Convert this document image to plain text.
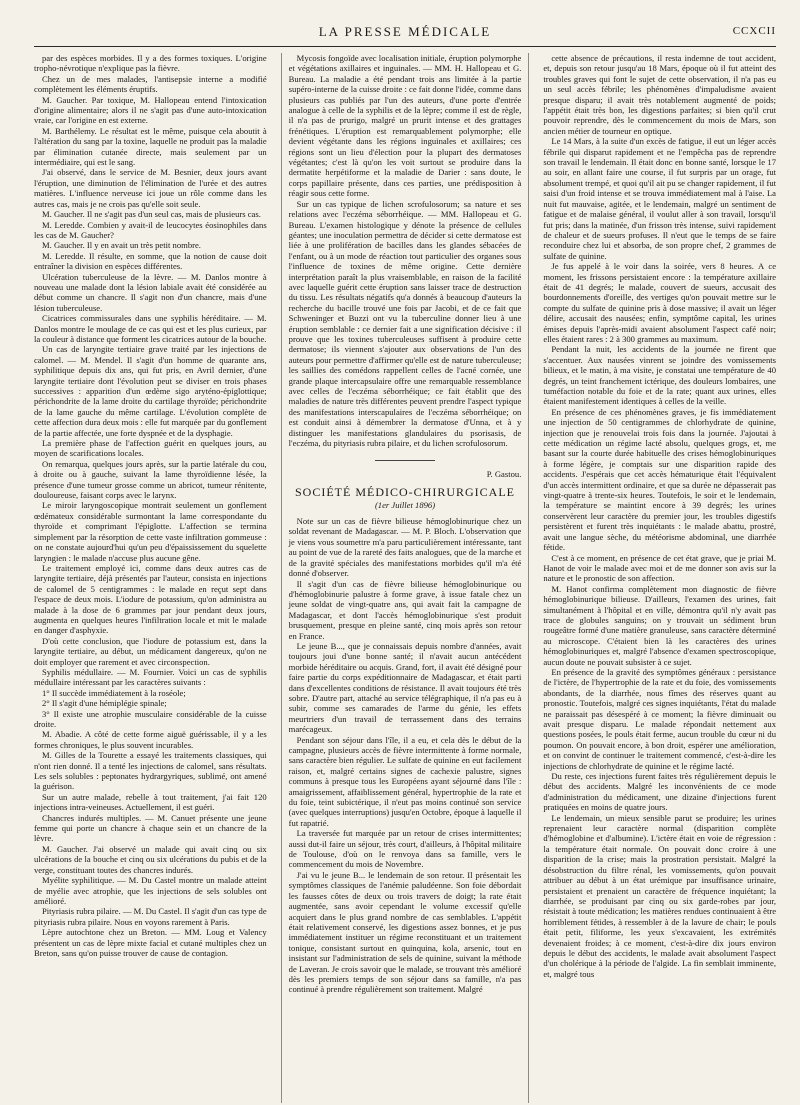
LA PRESSE MÉDICALE	CCXCII

par des espèces morbides. Il y a des formes toxiques. L'origine tropho-névrotique n'explique pas la fièvre.

Chez un de mes malades, l'antisepsie interne a modifié complètement les éléments éruptifs.

M. Gaucher. Par toxique, M. Hallopeau entend l'intoxication d'origine alimentaire; alors il ne s'agit pas d'une auto-intoxication vraie, car l'origine en est externe.

M. Barthélemy. Le résultat est le même, puisque cela aboutit à l'altération du sang par la toxine, laquelle ne produit pas la maladie par élimination cutanée directe, mais seulement par un intermédiaire, qui est le sang.

J'ai observé, dans le service de M. Besnier, deux jours avant l'éruption, une diminution de l'élimination de l'urée et des autres matières. L'influence nerveuse ici joue un rôle comme dans les autres cas, mais je ne crois pas qu'elle soit seule.

M. Gaucher. Il ne s'agit pas d'un seul cas, mais de plusieurs cas.

M. Leredde. Combien y avait-il de leucocytes éosinophiles dans les cas de M. Gaucher?

M. Gaucher. Il y en avait un très petit nombre.

M. Leredde. Il résulte, en somme, que la notion de cause doit entraîner la division en espèces différentes.

Ulcération tuberculeuse de la lèvre. — M. Danlos montre à nouveau une malade dont la lésion labiale avait été considérée au début comme un chancre. Il s'agit non d'un chancre, mais d'une lésion tuberculeuse.

Cicatrices commissurales dans une syphilis héréditaire. — M. Danlos montre le moulage de ce cas qui est et les plus curieux, par la couleur à distance que forment les cicatrices autour de la bouche.

Un cas de laryngite tertiaire grave traité par les injections de calomel. — M. Mendel. Il s'agit d'un homme de quarante ans, syphilitique depuis dix ans, qui fut pris, en Avril dernier, d'une laryngite tertiaire dont l'évolution peut se diviser en trois phases successives : apparition d'un œdème sigo aryténo-épiglottique; périchondrite de la lame droite du cartilage thyroïde; périchondrite de la lame gauche du même cartilage. L'évolution complète de cette affection dura deux mois : elle fut marquée par du gonflement de la partie affectée, une forte dyspnée et de la dysphagie.

La première phase de l'affection guérit en quelques jours, au moyen de scarifications locales.

On remarqua, quelques jours après, sur la partie latérale du cou, à droite ou à gauche, suivant la lame thyroïdienne lésée, la présence d'une tumeur grosse comme un abricot, tumeur rénitente, douloureuse, faisant corps avec le larynx.

Le miroir laryngoscopique montrait seulement un gonflement œdémateux considérable surmontant la lame correspondante du thyroïde et comprimant l'épiglotte. L'affection se termina simplement par la résorption de cette vaste infiltration gommeuse : on ne constate aujourd'hui qu'un peu d'épaississement du squelette laryngien : le malade n'accuse plus aucune gêne.

Le traitement employé ici, comme dans deux autres cas de laryngite tertiaire, déjà présentés par l'auteur, consista en injections de calomel de 5 centigrammes : le malade en reçut sept dans l'espace de deux mois. L'iodure de potassium, qu'on administra au malade à la dose de 6 grammes par jour pendant deux jours, augmenta en quelques heures l'infiltration locale et mit le malade en danger d'asphyxie.

D'où cette conclusion, que l'iodure de potassium est, dans la laryngite tertiaire, au début, un médicament dangereux, qu'on ne doit employer que rarement et avec circonspection.

Syphilis médullaire. — M. Fournier. Voici un cas de syphilis médullaire intéressant par les caractères suivants :

1° Il succède immédiatement à la roséole;

2° Il s'agit d'une hémiplégie spinale;

3° Il existe une atrophie musculaire considérable de la cuisse droite.

M. Abadie. A côté de cette forme aiguë guérissable, il y a les formes chroniques, le plus souvent incurables.

M. Gilles de la Tourette a essayé les traitements classiques, qui n'ont rien donné. Il a tenté les injections de calomel, sans résultats. Les sels solubles : peptonates hydrargyriques, sublimé, ont amené la guérison.

Sur un autre malade, rebelle à tout traitement, j'ai fait 120 injections intra-veineuses. Actuellement, il est guéri.

Chancres indurés multiples. — M. Canuet présente une jeune femme qui porte un chancre à chaque sein et un chancre de la lèvre.

M. Gaucher. J'ai observé un malade qui avait cinq ou six ulcérations de la bouche et cinq ou six ulcérations du pubis et de la verge, constituant toutes des chancres indurés.

Myélite syphilitique. — M. Du Castel montre un malade atteint de myélie avec atrophie, que les injections de sels solubles ont amélioré.

Pityriasis rubra pilaire. — M. Du Castel. Il s'agit d'un cas type de pityriasis rubra pilaire. Nous en voyons rarement à Paris.

Lèpre autochtone chez un Breton. — MM. Loug et Valency présentent un cas de lèpre mixte facial et cutané multiples chez un Breton, sans qu'on puisse trouver de cause de contagion.

Mycosis fongoïde avec localisation initiale, éruption polymorphe et végétations axillaires et inguinales. — MM. H. Hallopeau et G. Bureau. La maladie a été pendant trois ans limitée à la partie supéro-interne de la cuisse droite : ce fait donne l'idée, comme dans plusieurs cas publiés par l'un des auteurs, d'une porte d'entrée analogue à celle de la syphilis et de la lèpre; comme il est de règle, il n'a pas de prurigo, malgré un prurit intense et des grattages frénétiques. L'éruption est remarquablement polymorphe; elle devient végétante dans les régions inguinales et axillaires; ces régions sont un lieu d'élection pour la plupart des dermatoses végétantes; c'est là qu'on les voit surtout se produire dans la dermatite herpétiforme et la maladie de Darier : sans doute, le corps papillaire présente, dans ces parties, une prédisposition à réagir sous cette forme.

Sur un cas typique de lichen scrofulosorum; sa nature et ses relations avec l'eczéma séborrhéique. — MM. Hallopeau et G. Bureau. L'examen histologique y dénote la présence de cellules géantes; une inoculation permettra de décider si cette dermatose est liée à une prolifération de bacilles dans les glandes sébacées de l'enfant, ou à un mode de réaction tout particulier des organes sous l'influence de toxines de même origine. Cette dernière interprétation paraît la plus vraisemblable, en raison de la facilité avec laquelle guérit cette éruption sans laisser trace de destruction du tissu. Les résultats négatifs qu'a donnés à beaucoup d'auteurs la recherche du bacille trouvé une fois par Jacobi, et de ce fait que Schweninger et Buzzi ont vu la tuberculine donner lieu à une éruption semblable : ce dernier fait a une signification décisive : il prouve que les toxines tuberculeuses suffisent à produire cette dermatose; ils viennent s'ajouter aux observations de l'un des auteurs pour permettre d'affirmer qu'elle est de nature tuberculeuse; les saillies des comédons rappellent celles de l'acné cornée, une grande plaque intercapsulaire offre une remarquable ressemblance avec celles de l'eczéma séborrhéique; ce fait établit que des maladies de nature très différentes peuvent prendre l'aspect typique des manifestations interscapulaires de l'eczéma séborrhéique; on est conduit ainsi à démembrer la dermatose d'Unna, et à y distinguer les manifestations glandulaires du psorisasis, de l'eczéma, du pityriasis rubra pilaire, et du lichen scrofulosorum.

P. Gastou.
SOCIÉTÉ MÉDICO-CHIRURGICALE
(1er Juillet 1896)

Note sur un cas de fièvre bilieuse hémoglobinurique chez un soldat revenant de Madagascar. — M. P. Bloch. L'observation que je viens vous soumettre m'a paru particulièrement intéressante, tant au point de vue de la rareté des faits analogues, que de la marche et de la gravité spéciales des manifestations morbides qu'il m'a été donné d'observer.

Il s'agit d'un cas de fièvre bilieuse hémoglobinurique ou d'hémoglobinurie palustre à forme grave, à issue fatale chez un jeune soldat de vingt-quatre ans, qui avait fait la campagne de Madagascar, et dont l'accès hémoglobinurique s'est produit brusquement, presque en pleine santé, cinq mois après son retour en France.

Le jeune B..., que je connaissais depuis nombre d'années, avait toujours joui d'une bonne santé; il n'avait aucun antécédent morbide héréditaire ou acquis. Grand, fort, il avait été désigné pour faire partie du corps expéditionnaire de Madagascar, et était parti dans d'excellentes conditions de résistance. Il avait toujours été très sobre. D'autre part, attaché au service télégraphique, il n'a pas eu à subir, comme ses camarades de l'arme du génie, les effets meurtriers d'un travail de terrassement dans des terrains marécageux.

Pendant son séjour dans l'île, il a eu, et cela dès le début de la campagne, plusieurs accès de fièvre intermittente à forme normale, sans caractère bien régulier. Le sulfate de quinine en eut facilement raison, et, malgré certains signes de cachexie palustre, signes communs à presque tous les Européens ayant séjourné dans l'île : amaigrissement, affaiblissement général, hypertrophie de la rate et du foie, teint subictérique, il n'eut pas moins continué son service (avec quelques interruptions) jusqu'en Octobre, époque à laquelle il fut rapatrié.

La traversée fut marquée par un retour de crises intermittentes; aussi dut-il faire un séjour, très court, d'ailleurs, à l'hôpital militaire de Toulouse, d'où on le renvoya dans sa famille, vers le commencement du mois de Novembre.

J'ai vu le jeune B... le lendemain de son retour. Il présentait les symptômes classiques de l'anémie paludéenne. Son foie débordait les fausses côtes de deux ou trois travers de doigt; la rate était augmentée, sans avoir cependant le volume excessif qu'elle acquiert dans le plus grand nombre de cas semblables. L'appétit était relativement conservé, les digestions assez bonnes, et je pus immédiatement instituer un régime reconstituant et un traitement tonique, consistant surtout en quinquina, kola, arsenic, tout en insistant sur l'administration de sels de quinine, suivant la méthode de Laveran. Je crois savoir que le malade, se trouvant très amélioré dès les premiers temps de son séjour dans sa famille, n'a pas continué à prendre régulièrement son traitement. Malgré

cette absence de précautions, il resta indemne de tout accident, et, depuis son retour jusqu'au 18 Mars, époque où il fut atteint des troubles graves qui font le sujet de cette observation, il n'a pas eu un seul accès fébrile; les phénomènes d'impaludisme avaient presque disparu; il avait très notablement augmenté de poids; l'appétit était très bon, les digestions parfaites; si bien qu'il crut pouvoir reprendre, dès le commencement du mois de Mars, son ancien métier de tourneur en optique.

Le 14 Mars, à la suite d'un excès de fatigue, il eut un léger accès fébrile qui disparut rapidement et ne l'empêcha pas de reprendre son travail le lendemain. Il était donc en bonne santé, lorsque le 17 au soir, en allant faire une course, il fut surpris par un orage, fut absolument trempé, et quoi qu'il ait pu se changer rapidement, il fut saisi d'un froid intense et se trouva immédiatement mal à l'aise. La nuit fut mauvaise, agitée, et le lendemain, malgré un sentiment de fatigue et de malaise général, il voulut aller à son travail, lorsqu'il fut pris; dans la matinée, d'un frisson très intense, suivi rapidement de chaleur et de sueurs profuses. Il n'eut que le temps de se faire reconduire chez lui et absorba, de son propre chef, 2 grammes de sulfate de quinine.

Je fus appelé à le voir dans la soirée, vers 8 heures. A ce moment, les frissons persistaient encore : la température axillaire était de 41 degrés; le malade, couvert de sueurs, accusait des bourdonnements d'oreille, des vertiges qu'on pouvait mettre sur le compte du sulfate de quinine pris à dose massive; il avait un léger délire, accusait des nausées; enfin, symptôme capital, les urines émises depuis l'après-midi avaient absolument l'aspect café noir; elles étaient rares : 2 à 300 grammes au maximum.

Pendant la nuit, les accidents de la journée ne firent que s'accentuer. Aux nausées vinrent se joindre des vomissements bilieux, et le matin, à ma visite, je constatai une température de 40 degrés, un teint franchement ictérique, des douleurs lombaires, une tuméfaction notable du foie et de la rate; quant aux urines, elles étaient manifestement identiques à celles de la veille.

En présence de ces phénomènes graves, je fis immédiatement une injection de 50 centigrammes de chlorhydrate de quinine, injection que je renouvelai trois fois dans la journée. J'ajoutai à cette médication un régime lacté absolu, quelques grogs, et, me basant sur la courte durée habituelle des crises hémoglobinuriques à forme légère, je comptais sur une disparition rapide des accidents. J'espérais que cet accès hématurique était l'équivalent d'un accès intermittent ordinaire, et que sa durée ne dépasserait pas vingt-quatre à trente-six heures. Toutefois, le soir et le lendemain, la température se maintint encore à 39 degrés; les urines conservèrent leur caractère du premier jour, les troubles digestifs persistèrent et furent très inquiétants : le malade abattu, prostré, avait une langue sèche, du météorisme abdominal, une diarrhée fétide.

C'est à ce moment, en présence de cet état grave, que je priai M. Hanot de voir le malade avec moi et de me donner son avis sur la nature et le pronostic de son affection.

M. Hanot confirma complètement mon diagnostic de fièvre hémoglobinurique bilieuse. D'ailleurs, l'examen des urines, fait simultanément à l'hôpital et en ville, démontra qu'il n'y avait pas trace de globules sanguins; on y trouvait un sédiment brun rougeâtre formé d'une matière granuleuse, sans caractère déterminé au microscope. C'étaient bien là les caractères des urines hémoglobinuriques et, malgré l'absence d'examen spectroscopique, aucun doute ne pouvait subsister à ce sujet.

En présence de la gravité des symptômes généraux : persistance de l'ictère, de l'hypertrophie de la rate et du foie, des vomissements abondants, de la diarrhée, nous fîmes des réserves quant au pronostic. Toutefois, malgré ces signes inquiétants, l'état du malade ne paraissait pas désespéré à ce moment; la fièvre diminuait ou avait presque disparu. Le malade répondait nettement aux questions posées, le pouls était ferme, aucun trouble du cœur ni du poumon. On pouvait encore, à bon droit, espérer une amélioration, et on convint de continuer le traitement commencé, c'est-à-dire les injections de chlorhydrate de quinine et le régime lacté.

Du reste, ces injections furent faites très régulièrement depuis le début des accidents. Malgré les inconvénients de ce mode d'administration du médicament, une dizaine d'injections furent pratiquées en moins de quatre jours.

Le lendemain, un mieux sensible parut se produire; les urines reprenaient leur caractère normal (disparition complète d'hémoglobine et d'albumine). L'ictère était en voie de régression : la température était normale. On pouvait donc croire à une disparition de la crise; mais la prostration persistait. Malgré la désobstruction du filtre rénal, les vomissements, qu'on pouvait attribuer au début à un état urémique par insuffisance urinaire, persistaient et prenaient un caractère de fréquence inquiétant; la diarrhée, se produisant par cinq ou six garde-robes par jour, résistait à toute médication; les matières rendues continuaient à être horriblement fétides, à ressembler à de la lavure de chair; le pouls était petit, filiforme, les yeux s'excavaient, les extrémités devenaient froides; à ce moment, c'est-à-dire dix jours environ depuis le début des accidents, le malade avait absolument l'aspect d'un cholérique à la période de l'algide. La fin semblait imminente, et, malgré tous
